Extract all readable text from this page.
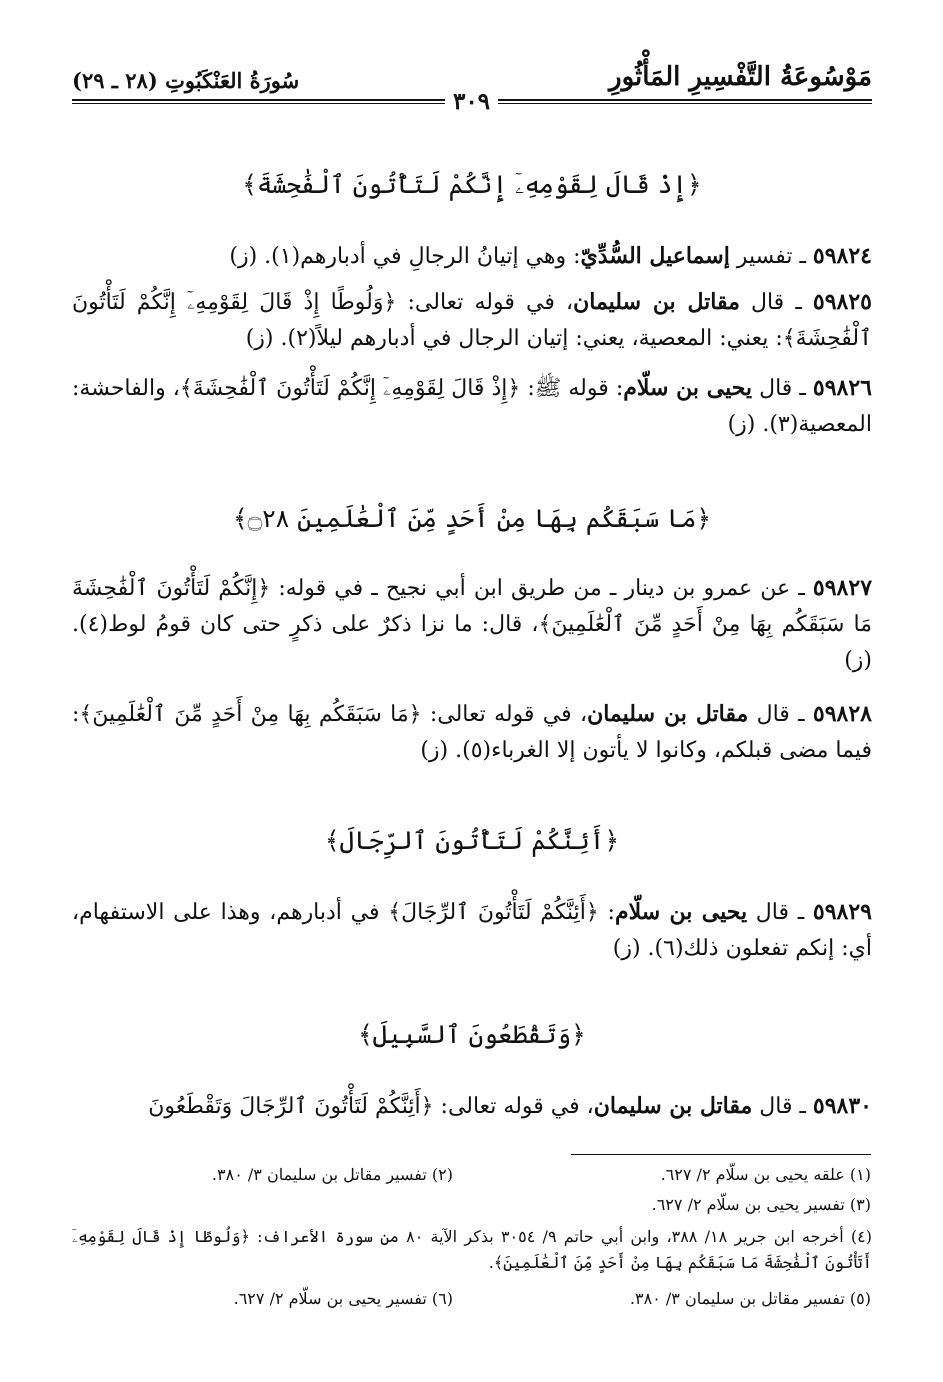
مَوْسُوعَةُ التَّفْسِيرِ المَأْثُورِ
سُورَةُ العَنْكَبُوتِ (٢٨ ـ ٢٩)
٣٠٩
﴿إِذْ قَالَ لِقَوْمِهِۦٓ إِنَّكُمْ لَتَأْتُونَ ٱلْفَٰحِشَةَ﴾
٥٩٨٢٤ ـ تفسير إسماعيل السُّدِّيّ: وهي إتيانُ الرجالِ في أدبارهم(١). (ز)
٥٩٨٢٥ ـ قال مقاتل بن سليمان، في قوله تعالى: ﴿وَلُوطًا إِذْ قَالَ لِقَوْمِهِۦٓ إِنَّكُمْ لَتَأْتُونَ ٱلْفَٰحِشَةَ﴾: يعني: المعصية، يعني: إتيان الرجال في أدبارهم ليلاً(٢). (ز)
٥٩٨٢٦ ـ قال يحيى بن سلّام: قوله ﷺ: ﴿إِذْ قَالَ لِقَوْمِهِۦٓ إِنَّكُمْ لَتَأْتُونَ ٱلْفَٰحِشَةَ﴾، والفاحشة: المعصية(٣). (ز)
﴿مَا سَبَقَكُم بِهَا مِنْ أَحَدٍ مِّنَ ٱلْعَٰلَمِينَ ۝٢٨﴾
٥٩٨٢٧ ـ عن عمرو بن دينار ـ من طريق ابن أبي نجيح ـ في قوله: ﴿إِنَّكُمْ لَتَأْتُونَ ٱلْفَٰحِشَةَ مَا سَبَقَكُم بِهَا مِنْ أَحَدٍ مِّنَ ٱلْعَٰلَمِينَ﴾، قال: ما نزا ذكرٌ على ذكرٍ حتى كان قومُ لوط(٤). (ز)
٥٩٨٢٨ ـ قال مقاتل بن سليمان، في قوله تعالى: ﴿مَا سَبَقَكُم بِهَا مِنْ أَحَدٍ مِّنَ ٱلْعَٰلَمِينَ﴾: فيما مضى قبلكم، وكانوا لا يأتون إلا الغرباء(٥). (ز)
﴿أَئِنَّكُمْ لَتَأْتُونَ ٱلرِّجَالَ﴾
٥٩٨٢٩ ـ قال يحيى بن سلّام: ﴿أَئِنَّكُمْ لَتَأْتُونَ ٱلرِّجَالَ﴾ في أدبارهم، وهذا على الاستفهام، أي: إنكم تفعلون ذلك(٦). (ز)
﴿وَتَقْطَعُونَ ٱلسَّبِيلَ﴾
٥٩٨٣٠ ـ قال مقاتل بن سليمان، في قوله تعالى: ﴿أَئِنَّكُمْ لَتَأْتُونَ ٱلرِّجَالَ وَتَقْطَعُونَ
(١) علقه يحيى بن سلّام ٢/ ٦٢٧.
(٢) تفسير مقاتل بن سليمان ٣/ ٣٨٠.
(٣) تفسير يحيى بن سلّام ٢/ ٦٢٧.
(٤) أخرجه ابن جرير ١٨/ ٣٨٨، وابن أبي حاتم ٩/ ٣٠٥٤ بذكر الآية ٨٠ من سورة الأعراف: ﴿وَلُوطًا إِذْ قَالَ لِقَوْمِهِۦٓ أَتَأْتُونَ ٱلْفَٰحِشَةَ مَا سَبَقَكُم بِهَا مِنْ أَحَدٍ مِّنَ ٱلْعَٰلَمِينَ﴾.
(٥) تفسير مقاتل بن سليمان ٣/ ٣٨٠.
(٦) تفسير يحيى بن سلّام ٢/ ٦٢٧.
